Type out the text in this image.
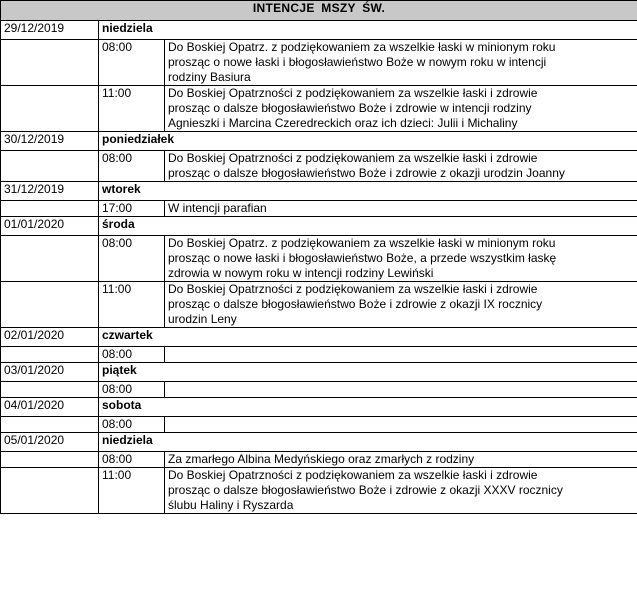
INTENCJE MSZY ŚW.		
29/12/2019	niedziela	
	08:00	Do Boskiej Opatrz. z podziękowaniem za wszelkie łaski w minionym roku
prosząc o nowe łaski i błogosławieństwo Boże w nowym roku w intencji
rodziny Basiura

	11:00	Do Boskiej Opatrzności z podziękowaniem za wszelkie łaski i zdrowie
prosząc o dalsze błogosławieństwo Boże i zdrowie w intencji rodziny
Agnieszki i Marcina Czeredreckich oraz ich dzieci: Julii i Michaliny

30/12/2019	poniedziałek	
	08:00	Do Boskiej Opatrzności z podziękowaniem za wszelkie łaski i zdrowie
prosząc o dalsze błogosławieństwo Boże i zdrowie z okazji urodzin Joanny

31/12/2019	wtorek	
	17:00	W intencji parafian

01/01/2020	środa	
	08:00	Do Boskiej Opatrz. z podziękowaniem za wszelkie łaski w minionym roku
prosząc o nowe łaski i błogosławieństwo Boże, a przede wszystkim łaskę
zdrowia w nowym roku w intencji rodziny Lewiński

	11:00	Do Boskiej Opatrzności z podziękowaniem za wszelkie łaski i zdrowie
prosząc o dalsze błogosławieństwo Boże i zdrowie z okazji IX rocznicy
urodzin Leny

02/01/2020	czwartek	
	08:00	

03/01/2020	piątek	
	08:00	

04/01/2020	sobota	
	08:00	

05/01/2020	niedziela	
	08:00	Za zmarłego Albina Medyńskiego oraz zmarłych z rodziny

	11:00	Do Boskiej Opatrzności z podziękowaniem za wszelkie łaski i zdrowie
prosząc o dalsze błogosławieństwo Boże i zdrowie z okazji XXXV rocznicy
ślubu Haliny i Ryszarda
